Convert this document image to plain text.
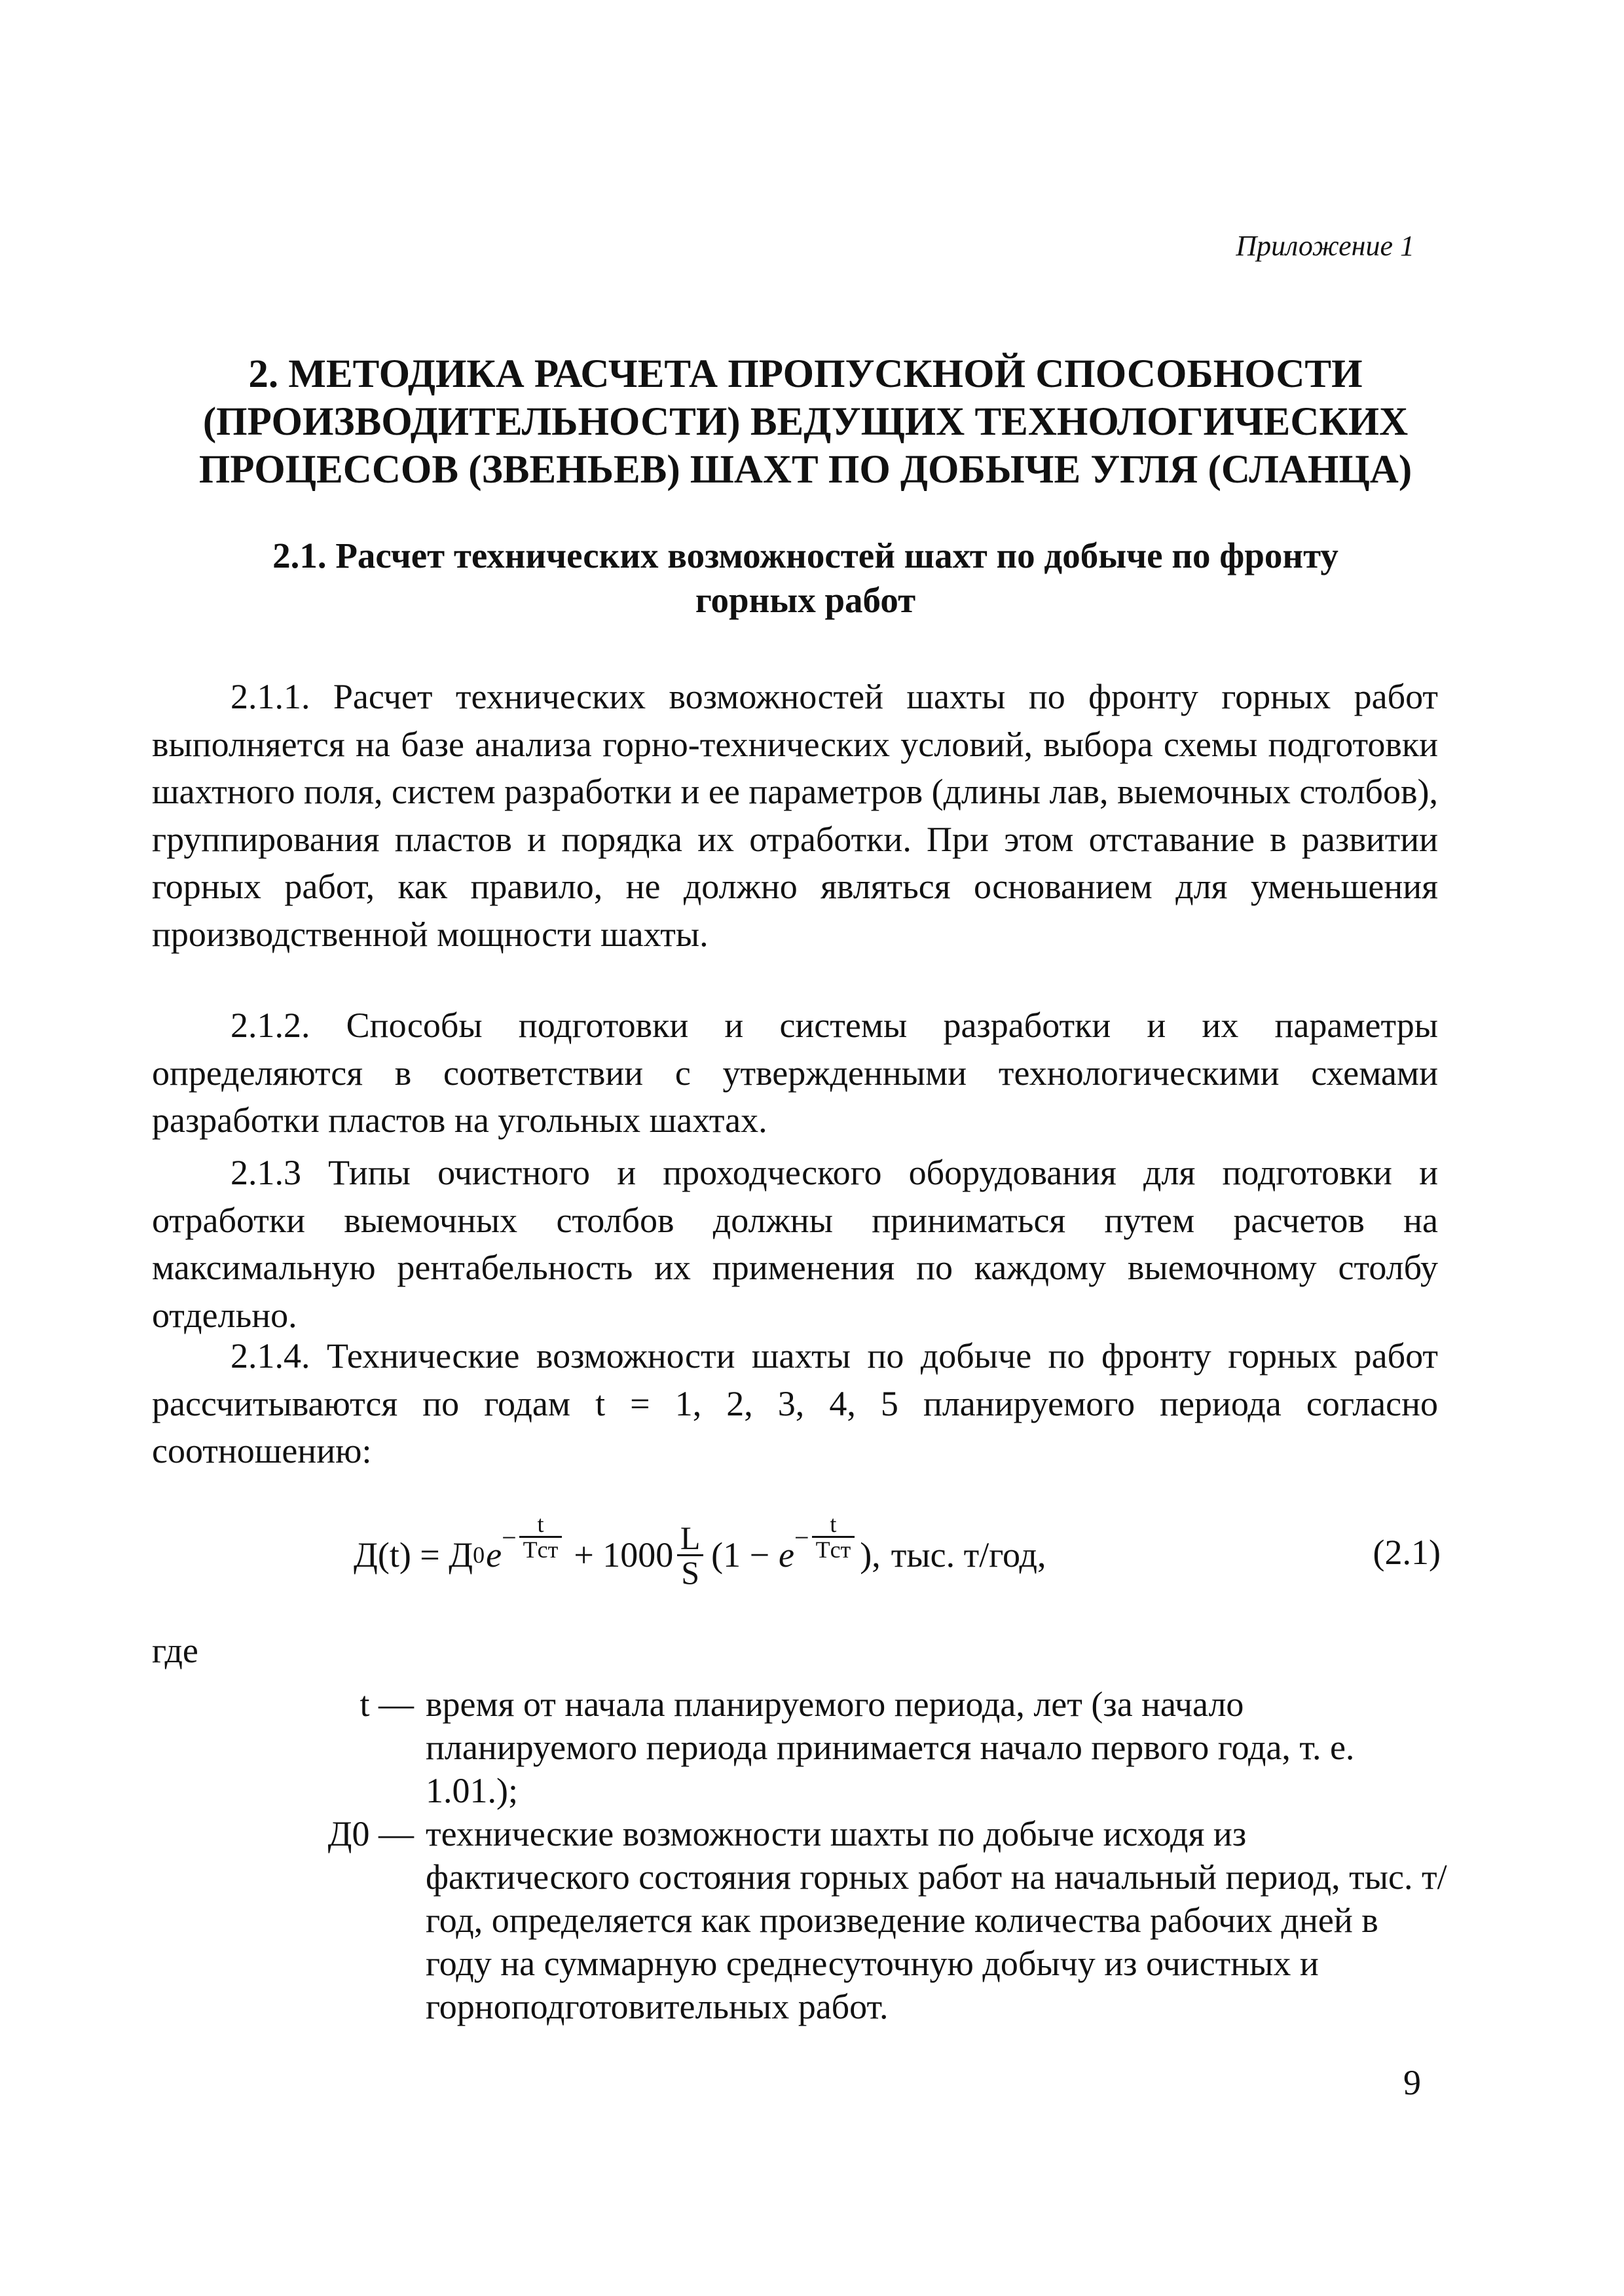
Приложение 1

2. МЕТОДИКА РАСЧЕТА ПРОПУСКНОЙ СПОСОБНОСТИ (ПРОИЗВОДИТЕЛЬНОСТИ) ВЕДУЩИХ ТЕХНОЛОГИЧЕСКИХ ПРОЦЕССОВ (ЗВЕНЬЕВ) ШАХТ ПО ДОБЫЧЕ УГЛЯ (СЛАНЦА)
2.1. Расчет технических возможностей шахт по добыче по фронту горных работ

2.1.1. Расчет технических возможностей шахты по фронту горных работ выполняется на базе анализа горно-технических условий, выбора схемы подготовки шахтного поля, систем разработки и ее параметров (длины лав, выемочных столбов), группирования пластов и порядка их отработки. При этом отставание в развитии горных работ, как правило, не должно являться основанием для уменьшения производственной мощности шахты.

2.1.2. Способы подготовки и системы разработки и их параметры определяются в соответствии с утвержденными технологическими схемами разработки пластов на угольных шахтах.

2.1.3 Типы очистного и проходческого оборудования для подготовки и отработки выемочных столбов должны приниматься путем расчетов на максимальную рентабельность их применения по каждому выемочному столбу отдельно.

2.1.4. Технические возможности шахты по добыче по фронту горных работ рассчитываются по годам t = 1, 2, 3, 4, 5 планируемого периода согласно соотношению:

Д(t) = Д 0 $e - \frac{t}{\text{Tст}} + 1000 \frac{L}{S} (1 - e - \frac{t}{\text{Tст}}$ ), тыс. т/год,	(2.1)
где
t — время от начала планируемого периода, лет (за начало планируемого периода принимается начало первого года, т. е. 1.01.);
Д0 — технические возможности шахты по добыче исходя из фактического состояния горных работ на начальный период, тыс. т/год, определяется как произведение количества рабочих дней в году на суммарную среднесуточную добычу из очистных и горноподготовительных работ.
9
